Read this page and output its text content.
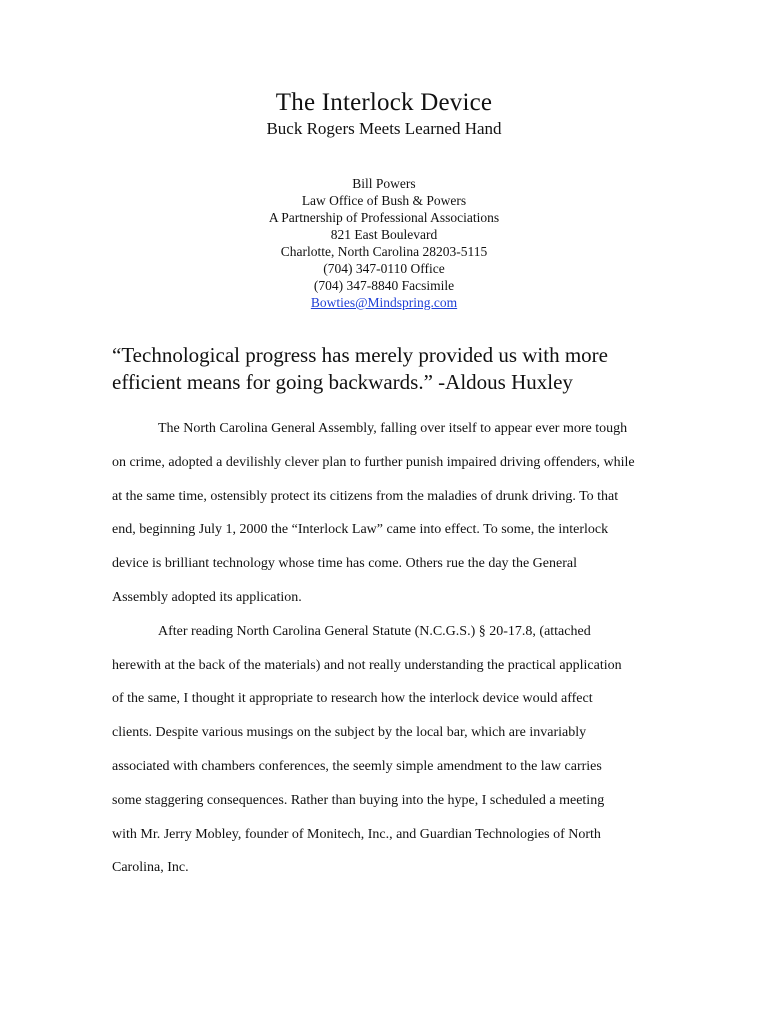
The Interlock Device
Buck Rogers Meets Learned Hand
Bill Powers
Law Office of Bush & Powers
A Partnership of Professional Associations
821 East Boulevard
Charlotte, North Carolina 28203-5115
(704) 347-0110 Office
(704) 347-8840 Facsimile
Bowties@Mindspring.com
“Technological progress has merely provided us with more
efficient means for going backwards.” -Aldous Huxley
The North Carolina General Assembly, falling over itself to appear ever more tough
on crime, adopted a devilishly clever plan to further punish impaired driving offenders, while
at the same time, ostensibly protect its citizens from the maladies of drunk driving. To that
end, beginning July 1, 2000 the “Interlock Law” came into effect. To some, the interlock
device is brilliant technology whose time has come. Others rue the day the General
Assembly adopted its application.
After reading North Carolina General Statute (N.C.G.S.) § 20-17.8, (attached
herewith at the back of the materials) and not really understanding the practical application
of the same, I thought it appropriate to research how the interlock device would affect
clients. Despite various musings on the subject by the local bar, which are invariably
associated with chambers conferences, the seemly simple amendment to the law carries
some staggering consequences. Rather than buying into the hype, I scheduled a meeting
with Mr. Jerry Mobley, founder of Monitech, Inc., and Guardian Technologies of North
Carolina, Inc.
